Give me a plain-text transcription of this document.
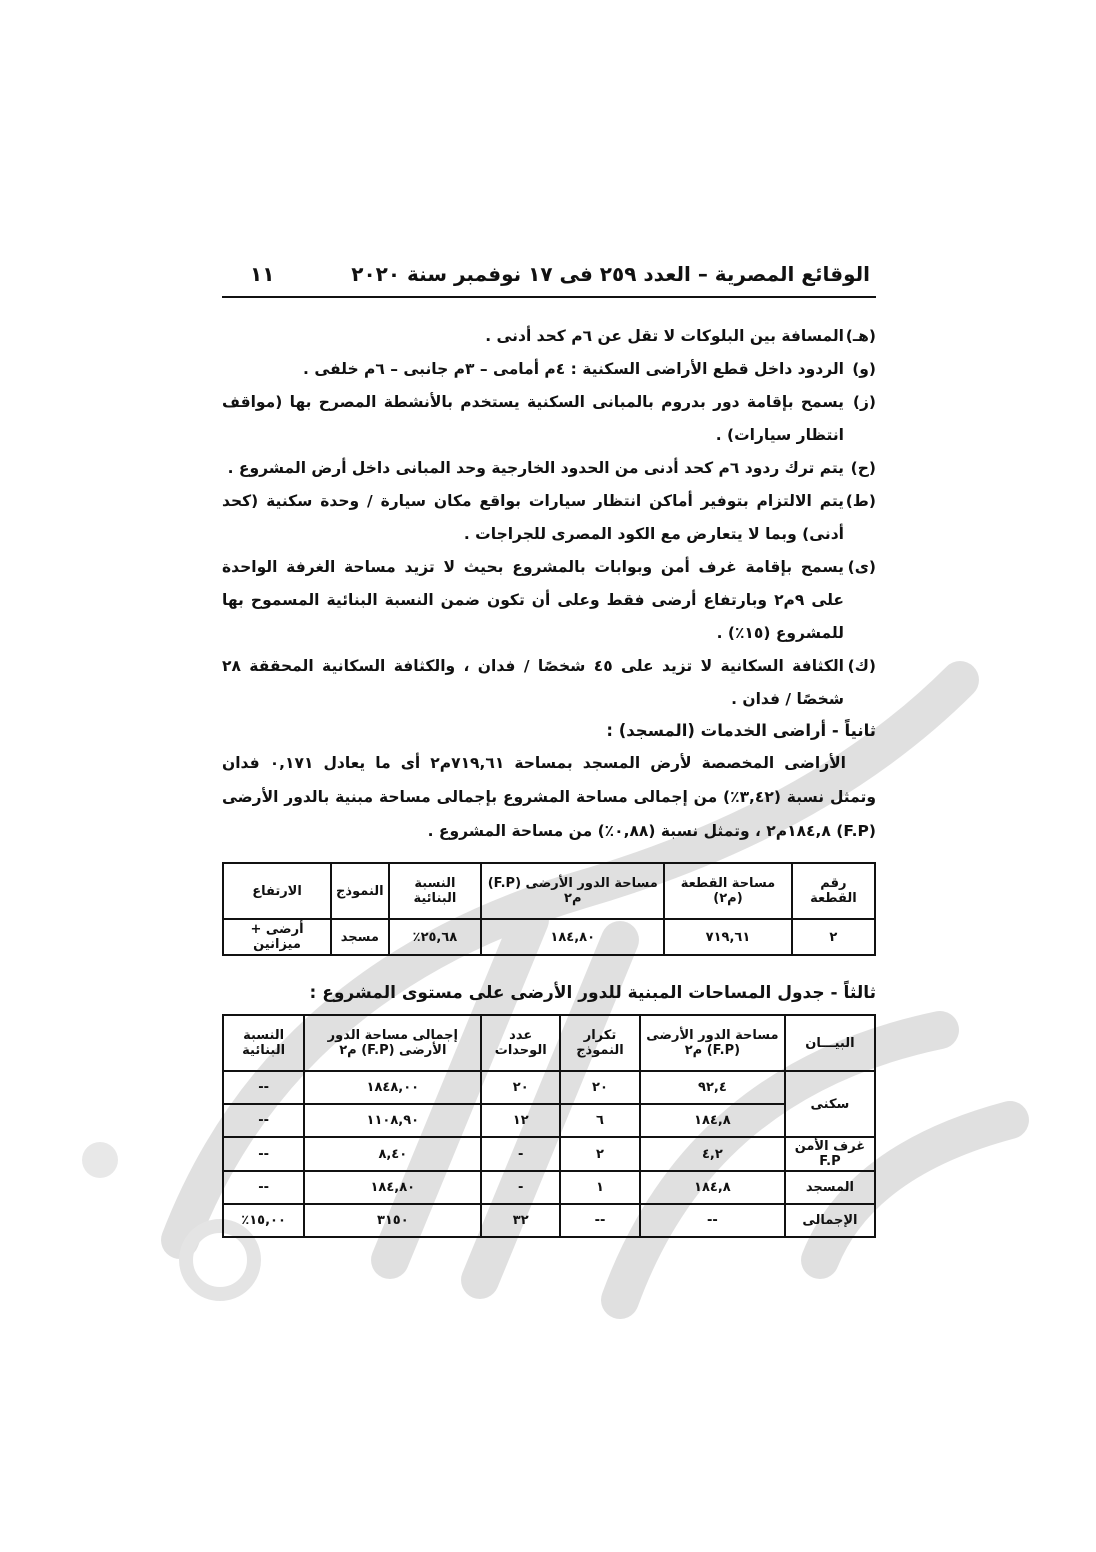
الوقائع المصرية – العدد ٢٥٩ فى ١٧ نوفمبر سنة ٢٠٢٠
١١
(هـ)
المسافة بين البلوكات لا تقل عن ٦م كحد أدنى .
(و)
الردود داخل قطع الأراضى السكنية : ٤م أمامى – ٣م جانبى – ٦م خلفى .
(ز)
يسمح بإقامة دور بدروم بالمبانى السكنية يستخدم بالأنشطة المصرح بها (مواقف انتظار سيارات) .
(ح)
يتم ترك ردود ٦م كحد أدنى من الحدود الخارجية وحد المبانى داخل أرض المشروع .
(ط)
يتم الالتزام بتوفير أماكن انتظار سيارات بواقع مكان سيارة / وحدة سكنية (كحد أدنى) وبما لا يتعارض مع الكود المصرى للجراجات .
(ى)
يسمح بإقامة غرف أمن وبوابات بالمشروع بحيث لا تزيد مساحة الغرفة الواحدة على ٩م٢ وبارتفاع أرضى فقط وعلى أن تكون ضمن النسبة البنائية المسموح بها للمشروع (١٥٪) .
(ك)
الكثافة السكانية لا تزيد على ٤٥ شخصًا / فدان ، والكثافة السكانية المحققة ٢٨ شخصًا / فدان .
ثانياً - أراضى الخدمات (المسجد) :
الأراضى المخصصة لأرض المسجد بمساحة ٧١٩,٦١م٢ أى ما يعادل ٠,١٧١ فدان وتمثل نسبة (٣,٤٢٪) من إجمالى مساحة المشروع بإجمالى مساحة مبنية بالدور الأرضى (F.P) ١٨٤,٨م٢ ، وتمثل نسبة (٠,٨٨٪) من مساحة المشروع .
رقم القطعة	مساحة القطعة (م٢)	مساحة الدور الأرضى (F.P) م٢	النسبة البنائية	النموذج	الارتفاع
٢	٧١٩,٦١	١٨٤,٨٠	٢٥,٦٨٪	مسجد	أرضى + ميزانين
ثالثاً - جدول المساحات المبنية للدور الأرضى على مستوى المشروع :
البيـــان	مساحة الدور الأرضى (F.P) م٢	تكرار النموذج	عدد الوحدات	إجمالى مساحة الدور الأرضى (F.P) م٢	النسبة البنائية
سكنى	٩٢,٤	٢٠	٢٠	١٨٤٨,٠٠	--
	١٨٤,٨	٦	١٢	١١٠٨,٩٠	--
غرف الأمن F.P	٤,٢	٢	-	٨,٤٠	--
المسجد	١٨٤,٨	١	-	١٨٤,٨٠	--
الإجمالى	--	--	٣٢	٣١٥٠	١٥,٠٠٪
